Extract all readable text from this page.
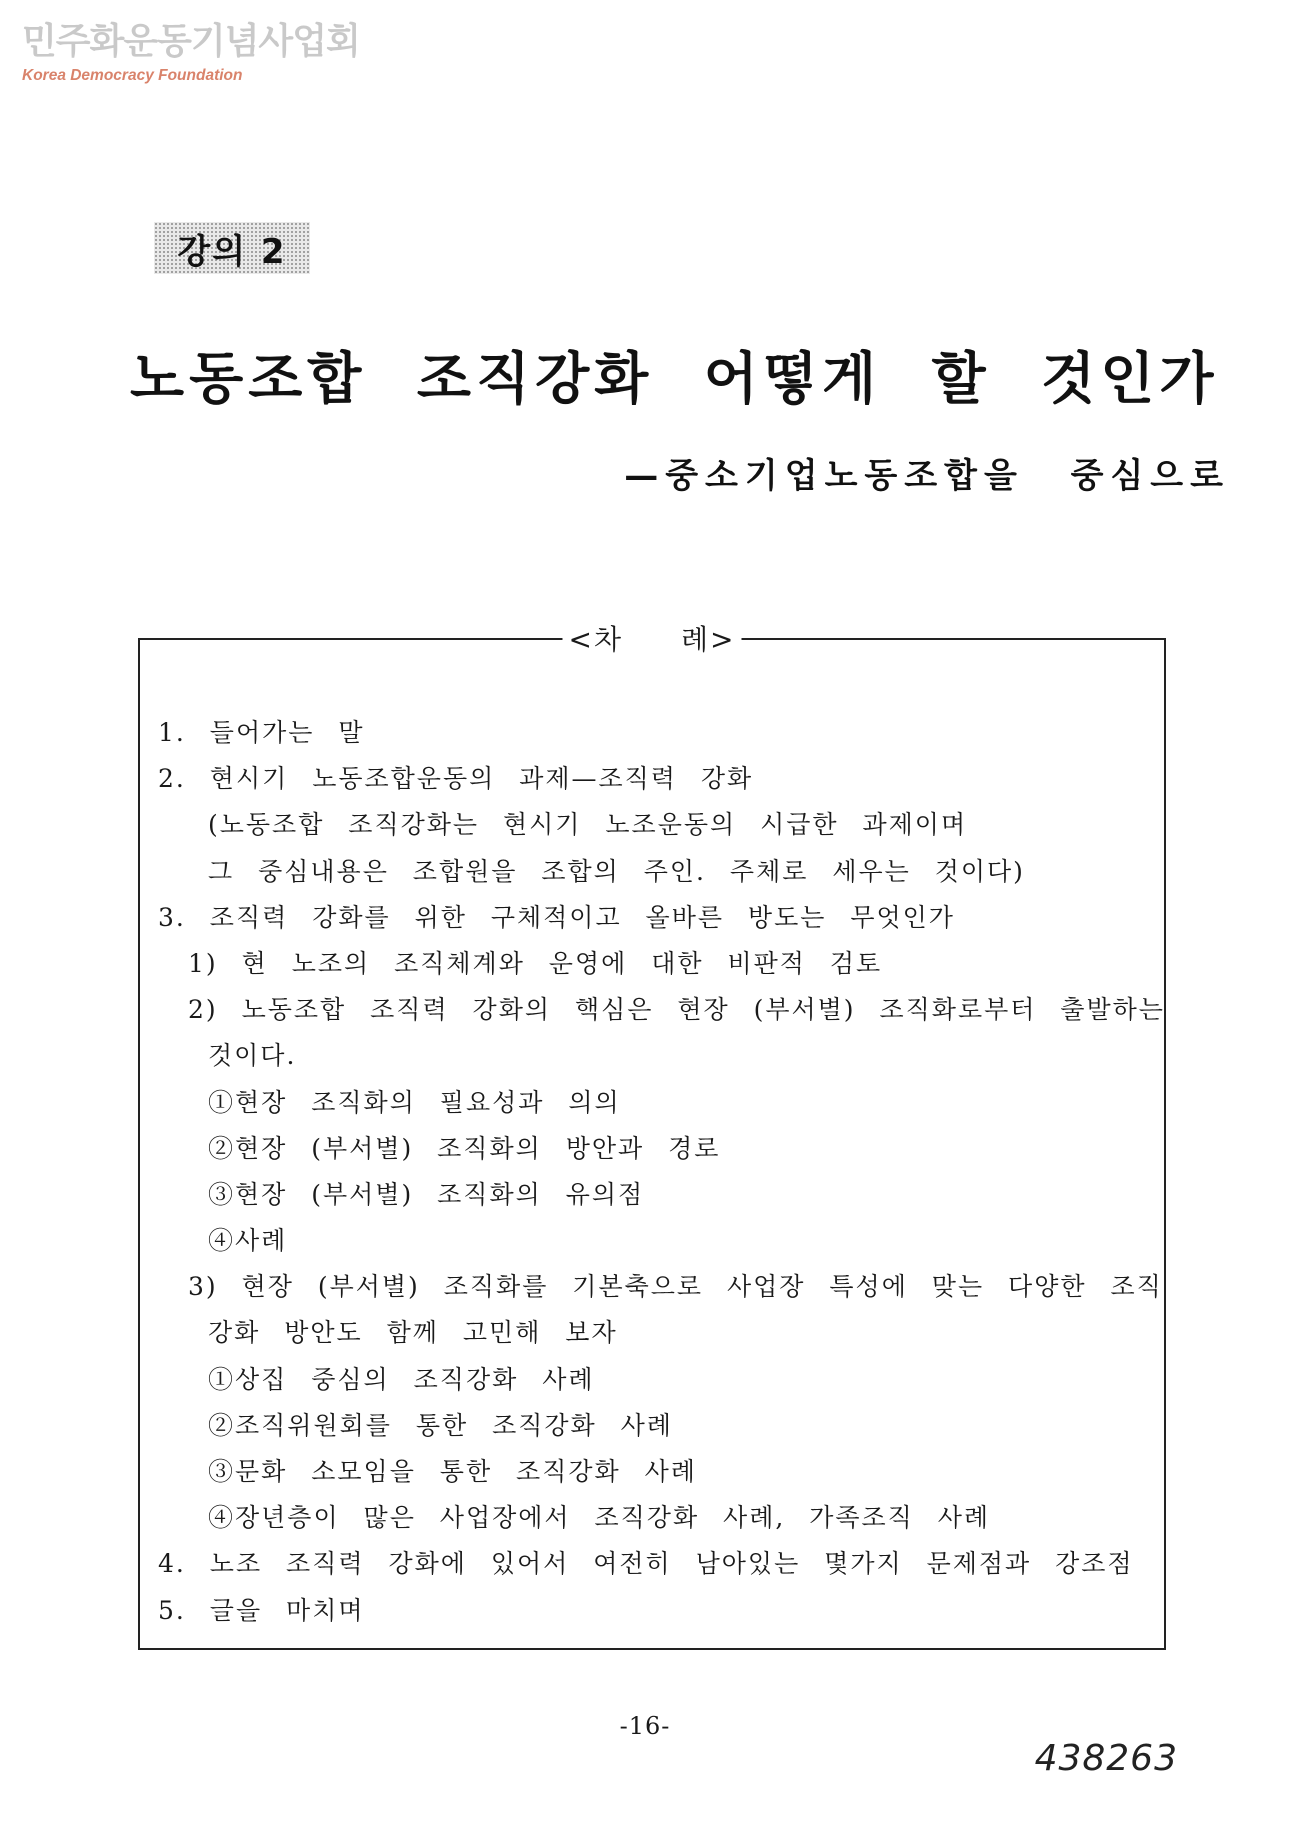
민주화운동기념사업회
Korea Democracy Foundation
강의 2
노동조합 조직강화 어떻게 할 것인가
—중소기업노동조합을 중심으로
<차 례>
1. 들어가는 말
2. 현시기 노동조합운동의 과제—조직력 강화
(노동조합 조직강화는 현시기 노조운동의 시급한 과제이며
그 중심내용은 조합원을 조합의 주인. 주체로 세우는 것이다)
3. 조직력 강화를 위한 구체적이고 올바른 방도는 무엇인가
1) 현 노조의 조직체계와 운영에 대한 비판적 검토
2) 노동조합 조직력 강화의 핵심은 현장 (부서별) 조직화로부터 출발하는
것이다.
①현장 조직화의 필요성과 의의
②현장 (부서별) 조직화의 방안과 경로
③현장 (부서별) 조직화의 유의점
④사례
3) 현장 (부서별) 조직화를 기본축으로 사업장 특성에 맞는 다양한 조직
강화 방안도 함께 고민해 보자
①상집 중심의 조직강화 사례
②조직위원회를 통한 조직강화 사례
③문화 소모임을 통한 조직강화 사례
④장년층이 많은 사업장에서 조직강화 사례, 가족조직 사례
4. 노조 조직력 강화에 있어서 여전히 남아있는 몇가지 문제점과 강조점
5. 글을 마치며
-16-
438263
